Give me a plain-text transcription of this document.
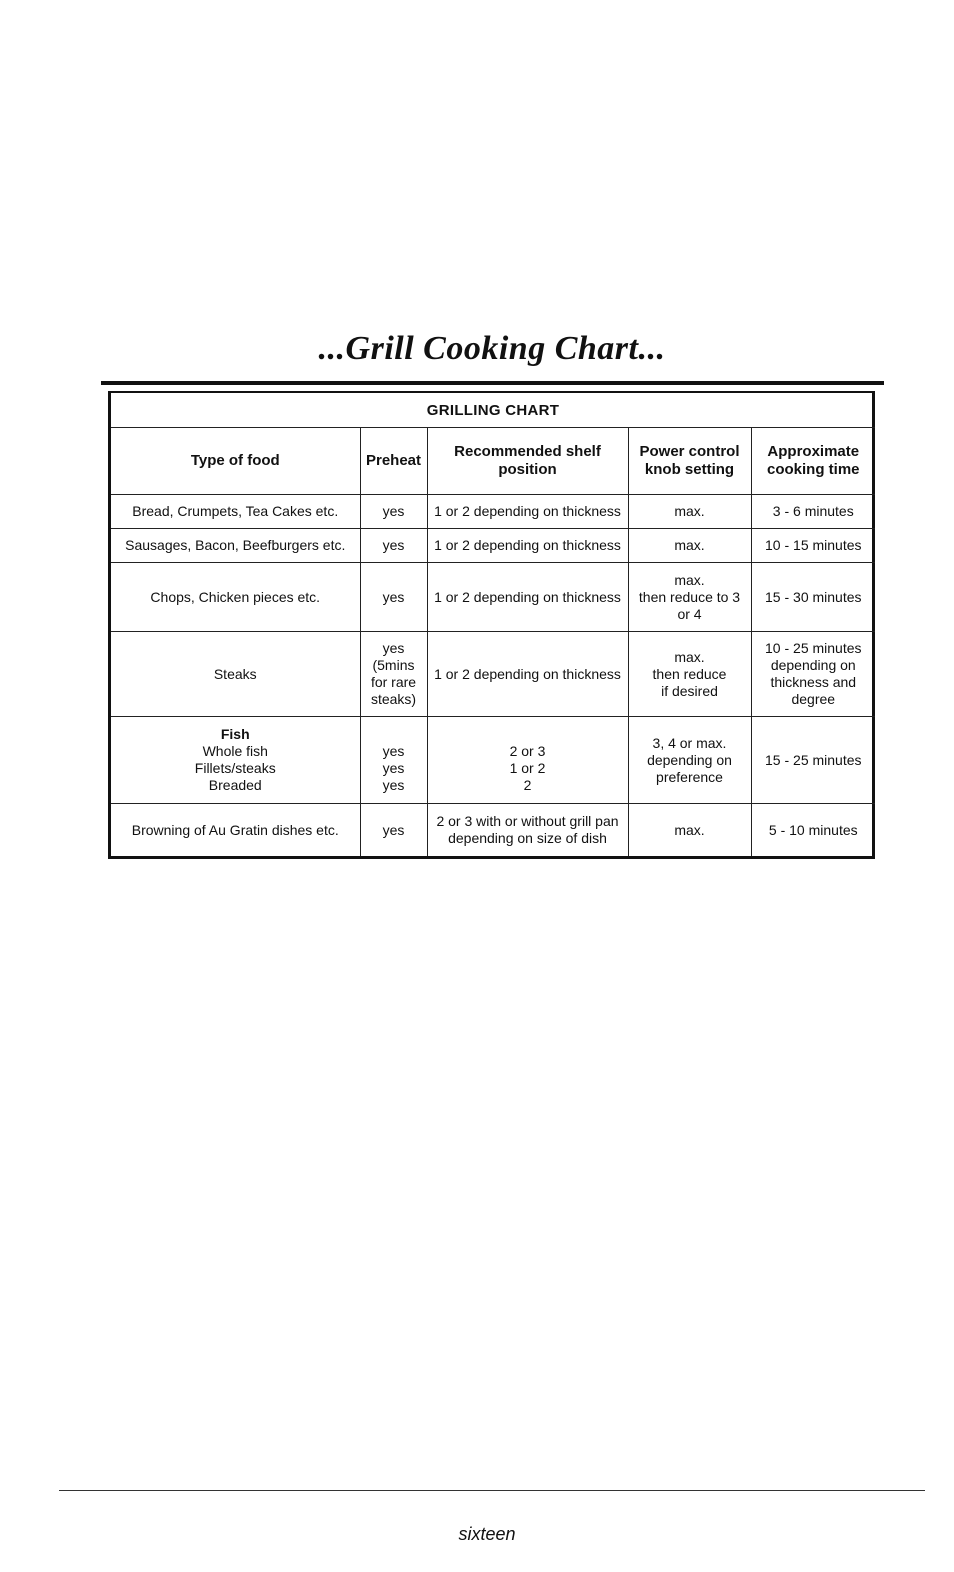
...Grill Cooking Chart...
GRILLING CHART				
Type of food	Preheat	Recommended shelf position	Power control knob setting	Approximate cooking time

Bread, Crumpets, Tea Cakes etc.	yes	1 or 2 depending on thickness	max.	3 - 6 minutes

Sausages, Bacon, Beefburgers etc.	yes	1 or 2 depending on thickness	max.	10 - 15 minutes

Chops, Chicken pieces etc.	yes	1 or 2 depending on thickness	max.
then reduce to 3
or 4	15 - 30 minutes

Steaks	yes
(5mins
for rare
steaks)	1 or 2 depending on thickness	max.
then reduce
if desired	10 - 25 minutes
depending on
thickness and
degree

Fish
Whole fish
Fillets/steaks
Breaded	yes
yes
yes	2 or 3
1 or 2
2	3, 4 or max.
depending on
preference	15 - 25 minutes

Browning of Au Gratin dishes etc.	yes	2 or 3 with or without grill pan
depending on size of dish	max.	5 - 10 minutes
sixteen
